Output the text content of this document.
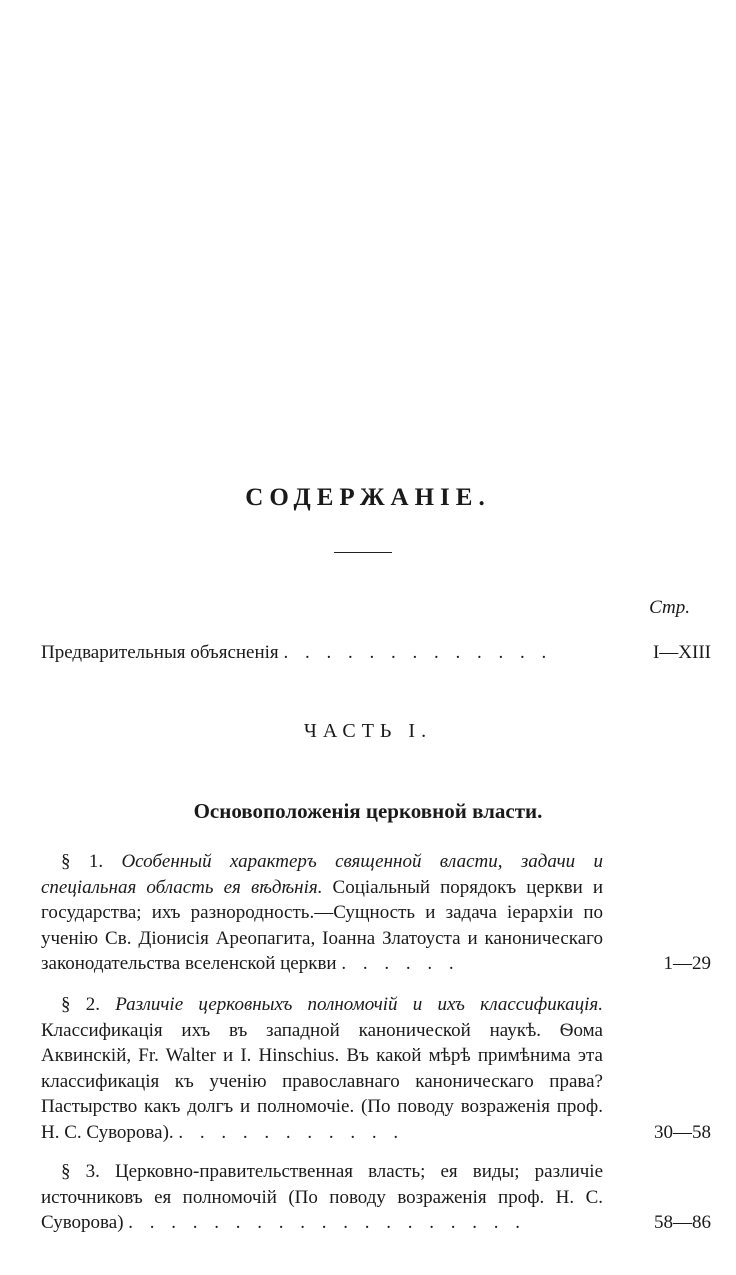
СОДЕРЖАНІЕ.
Стр.
Предварительныя объясненія . . . . . . . . . . . . .	I—XIII
ЧАСТЬ I.
Основоположенія церковной власти.
§ 1. Особенный характеръ священной власти, задачи и спеціальная область ея вѣдѣнія. Соціальный порядокъ церкви и государства; ихъ разнородность.—Сущность и задача іерархіи по ученію Св. Діонисія Ареопагита, Іоанна Златоуста и каноническаго законодательства вселенской церкви . . . . . .	1—29
§ 2. Различіе церковныхъ полномочій и ихъ классификація. Классификація ихъ въ западной канонической наукѣ. Ѳома Аквинскій, Fr. Walter и I. Hinschius. Въ какой мѣрѣ примѣнима эта классификація къ ученію православнаго каноническаго права? Пастырство какъ долгъ и полномочіе. (По поводу возраженія проф. Н. С. Суворова). . . . . . . . . . . .	30—58
§ 3. Церковно-правительственная власть; ея виды; различіе источниковъ ея полномочій (По поводу возраженія проф. Н. С. Суворова) . . . . . . . . . . . . . . . . . . .	58—86
